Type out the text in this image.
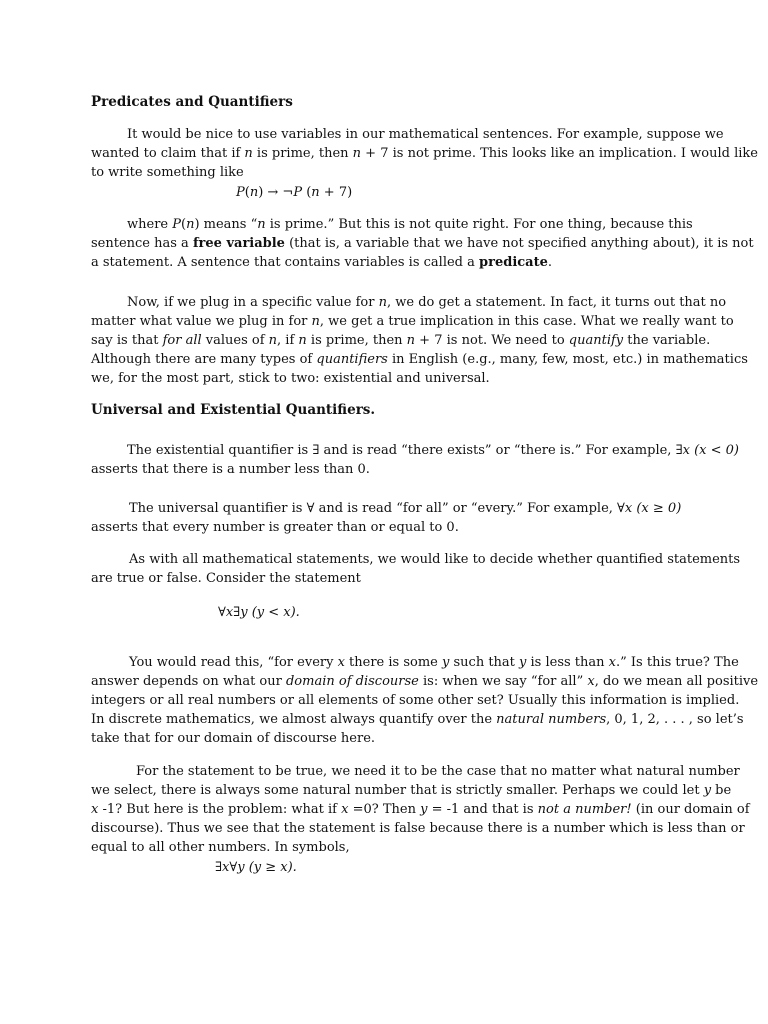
Predicates and Quantifiers
It would be nice to use variables in our mathematical sentences. For example, suppose we
wanted to claim that if n is prime, then n + 7 is not prime. This looks like an implication. I would like
to write something like
P(n) → ¬P (n + 7)
where P(n) means “n is prime.” But this is not quite right. For one thing, because this
sentence has a free variable (that is, a variable that we have not specified anything about), it is not
a statement. A sentence that contains variables is called a predicate.
Now, if we plug in a specific value for n, we do get a statement. In fact, it turns out that no
matter what value we plug in for n, we get a true implication in this case. What we really want to
say is that for all values of n, if n is prime, then n + 7 is not. We need to quantify the variable.
Although there are many types of quantifiers in English (e.g., many, few, most, etc.) in mathematics
we, for the most part, stick to two: existential and universal.
Universal and Existential Quantifiers.
The existential quantifier is ∃ and is read “there exists” or “there is.” For example, ∃x (x < 0)
asserts that there is a number less than 0.
The universal quantifier is ∀ and is read “for all” or “every.” For example, ∀x (x ≥ 0)
asserts that every number is greater than or equal to 0.
As with all mathematical statements, we would like to decide whether quantified statements
are true or false. Consider the statement
∀x∃y (y < x).
You would read this, “for every x there is some y such that y is less than x.” Is this true? The
answer depends on what our domain of discourse is: when we say “for all” x, do we mean all positive
integers or all real numbers or all elements of some other set? Usually this information is implied.
In discrete mathematics, we almost always quantify over the natural numbers, 0, 1, 2, . . . , so let’s
take that for our domain of discourse here.
For the statement to be true, we need it to be the case that no matter what natural number
we select, there is always some natural number that is strictly smaller. Perhaps we could let y be
x -1? But here is the problem: what if x =0? Then y = -1 and that is not a number! (in our domain of
discourse). Thus we see that the statement is false because there is a number which is less than or
equal to all other numbers. In symbols,
∃x∀y (y ≥ x).
